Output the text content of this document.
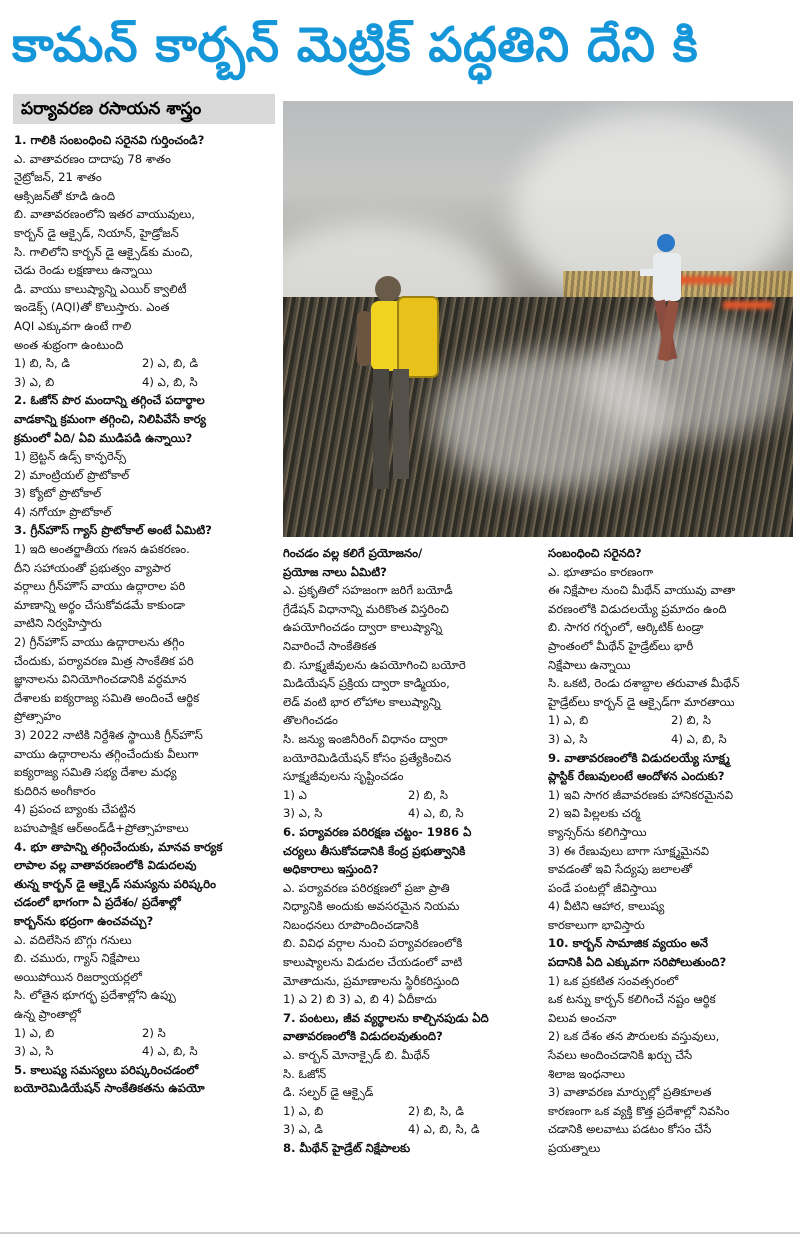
కామన్ కార్బన్ మెట్రిక్ పద్ధతిని దేని కి
పర్యావరణ రసాయన శాస్త్రం

1. గాలికి సంబంధించి సరైనవి గుర్తించండి?

ఎ. వాతావరణం దాదాపు 78 శాతం

నైట్రోజన్, 21 శాతం

ఆక్సిజన్‌తో కూడి ఉంది

బి. వాతావరణంలోని ఇతర వాయువులు,

కార్బన్ డై ఆక్సైడ్, నియాన్, హైడ్రోజన్

సి. గాలిలోని కార్బన్ డై ఆక్సైడ్‌కు మంచి,

చెడు రెండు లక్షణాలు ఉన్నాయి

డి. వాయు కాలుష్యాన్ని ఎయిర్ క్వాలిటీ

ఇండెక్స్ (AQI)తో కొలుస్తారు. ఎంత

AQI ఎక్కువగా ఉంటే గాలి

అంత శుభ్రంగా ఉంటుంది

1) బి, సి, డి	2) ఎ, బి, డి
3) ఎ, బి	4) ఎ, బి, సి

2. ఓజోన్ పొర మందాన్ని తగ్గించే పదార్థాల

వాడకాన్ని క్రమంగా తగ్గించి, నిలిపివేసే కార్య

క్రమంలో ఏది/ ఏవి ముడిపడి ఉన్నాయి?

1) బ్రెట్టన్ ఉడ్స్ కాన్ఫరెన్స్

2) మాంట్రియల్ ప్రొటోకాల్

3) క్యోటో ప్రొటోకాల్

4) నగోయా ప్రొటోకాల్

3. గ్రీన్‌హౌస్ గ్యాస్ ప్రొటోకాల్ అంటే ఏమిటి?

1) ఇది అంతర్జాతీయ గణన ఉపకరణం.

దీని సహాయంతో ప్రభుత్వం వ్యాపార

వర్గాలు గ్రీన్‌హౌస్ వాయు ఉద్గారాల పరి

మాణాన్ని అర్థం చేసుకోవడమే కాకుండా

వాటిని నిర్వహిస్తారు

2) గ్రీన్‌హౌస్ వాయు ఉద్గారాలను తగ్గిం

చేందుకు, పర్యావరణ మిత్ర సాంకేతిక పరి

జ్ఞానాలను వినియోగించడానికి వర్ధమాన

దేశాలకు ఐక్యరాజ్య సమితి అందించే ఆర్థిక

ప్రోత్సాహం

3) 2022 నాటికి నిర్దేశిత స్థాయికి గ్రీన్‌హౌస్

వాయు ఉద్గారాలను తగ్గించేందుకు వీలుగా

ఐక్యరాజ్య సమితి సభ్య దేశాల మధ్య

కుదిరిన అంగీకారం

4) ప్రపంచ బ్యాంకు చేపట్టిన

బహుపాక్షిక ఆర్‌అండ్‌డీ+ప్రోత్సాహకాలు

4. భూ తాపాన్ని తగ్గించేందుకు, మానవ కార్యక

లాపాల వల్ల వాతావరణంలోకి విడుదలవు

తున్న కార్బన్ డై ఆక్సైడ్ సమస్యను పరిష్కరిం

చడంలో భాగంగా ఏ ప్రదేశం/ ప్రదేశాల్లో

కార్బన్‌ను భద్రంగా ఉంచవచ్చు?

ఎ. వదిలేసిన బొగ్గు గనులు

బి. చమురు, గ్యాస్ నిక్షేపాలు

అయిపోయిన రిజర్వాయర్లలో

సి. లోతైన భూగర్భ ప్రదేశాల్లోని ఉప్పు

ఉన్న ప్రాంతాల్లో

1) ఎ, బి	2) సి
3) ఎ, సి	4) ఎ, బి, సి

5. కాలుష్య సమస్యలు పరిష్కరించడంలో

బయోరెమిడియేషన్ సాంకేతికతను ఉపయో

గించడం వల్ల కలిగే ప్రయోజనం/

ప్రయోజ నాలు ఏమిటి?

ఎ. ప్రకృతిలో సహజంగా జరిగే బయోడీ

గ్రేడేషన్ విధానాన్ని మరికొంత విస్తరించి

ఉపయోగించడం ద్వారా కాలుష్యాన్ని

నివారించే సాంకేతికత

బి. సూక్ష్మజీవులను ఉపయోగించి బయోరె

మిడియేషన్ ప్రక్రియ ద్వారా కాడ్మియం,

లెడ్ వంటి భార లోహాల కాలుష్యాన్ని

తొలగించడం

సి. జన్యు ఇంజినీరింగ్ విధానం ద్వారా

బయోరెమిడియేషన్ కోసం ప్రత్యేకించిన

సూక్ష్మజీవులను సృష్టించడం

1) ఎ	2) బి, సి
3) ఎ, సి	4) ఎ, బి, సి

6. పర్యావరణ పరిరక్షణ చట్టం- 1986 ఏ

చర్యలు తీసుకోవడానికి కేంద్ర ప్రభుత్వానికి

అధికారాలు ఇస్తుంది?

ఎ. పర్యావరణ పరిరక్షణలో ప్రజా ప్రాతి

నిధ్యానికి అందుకు అవసరమైన నియమ

నిబంధనలు రూపొందించడానికి

బి. వివిధ వర్గాల నుంచి పర్యావరణంలోకి

కాలుష్యాలను విడుదల చేయడంలో వాటి

మోతాదును, ప్రమాణాలను స్థిరీకరిస్తుంది

1) ఎ 2) బి 3) ఎ, బి 4) ఏదీకాదు

7. పంటలు, జీవ వ్యర్థాలను కాల్చినపుడు ఏది

వాతావరణంలోకి విడుదలవుతుంది?

ఎ. కార్బన్ మోనాక్సైడ్ బి. మీథేన్

సి. ఓజోన్

డి. సల్ఫర్ డై ఆక్సైడ్

1) ఎ, బి	2) బి, సి, డి
3) ఎ, డి	4) ఎ, బి, సి, డి

8. మీథేన్ హైడ్రేట్ నిక్షేపాలకు

సంబంధించి సరైనది?

ఎ. భూతాపం కారణంగా

ఈ నిక్షేపాల నుంచి మీథేన్ వాయువు వాతా

వరణంలోకి విడుదలయ్యే ప్రమాదం ఉంది

బి. సాగర గర్భంలో, ఆర్కిటిక్ టండ్రా

ప్రాంతంలో మీథేన్ హైడ్రేట్‌లు భారీ

నిక్షేపాలు ఉన్నాయి

సి. ఒకటి, రెండు దశాబ్దాల తరువాత మీథేన్

హైడ్రేట్‌లు కార్బన్ డై ఆక్సైడ్‌గా మారతాయి

1) ఎ, బి	2) బి, సి
3) ఎ, సి	4) ఎ, బి, సి

9. వాతావరణంలోకి విడుదలయ్యే సూక్ష్మ

ప్లాస్టిక్ రేణువులంటే ఆందోళన ఎందుకు?

1) ఇవి సాగర జీవావరణకు హానికరమైనవి

2) ఇవి పిల్లలకు చర్మ

క్యాన్సర్‌ను కలిగిస్తాయి

3) ఈ రేణువులు బాగా సూక్ష్మమైనవి

కావడంతో ఇవి సేద్యపు జలాలతో

పండే పంటల్లో జీవిస్తాయి

4) వీటిని ఆహార, కాలుష్య

కారకాలుగా భావిస్తారు

10. కార్బన్ సామాజిక వ్యయం అనే

పదానికి ఏది ఎక్కువగా సరిపోలుతుంది?

1) ఒక ప్రకటిత సంవత్సరంలో

ఒక టన్ను కార్బన్ కలిగించే నష్టం ఆర్థిక

విలువ అంచనా

2) ఒక దేశం తన పౌరులకు వస్తువులు,

సేవలు అందించడానికి ఖర్చు చేసే

శిలాజ ఇంధనాలు

3) వాతావరణ మార్పుల్లో ప్రతికూలత

కారణంగా ఒక వ్యక్తి కొత్త ప్రదేశాల్లో నివసిం

చడానికి అలవాటు పడటం కోసం చేసే

ప్రయత్నాలు
